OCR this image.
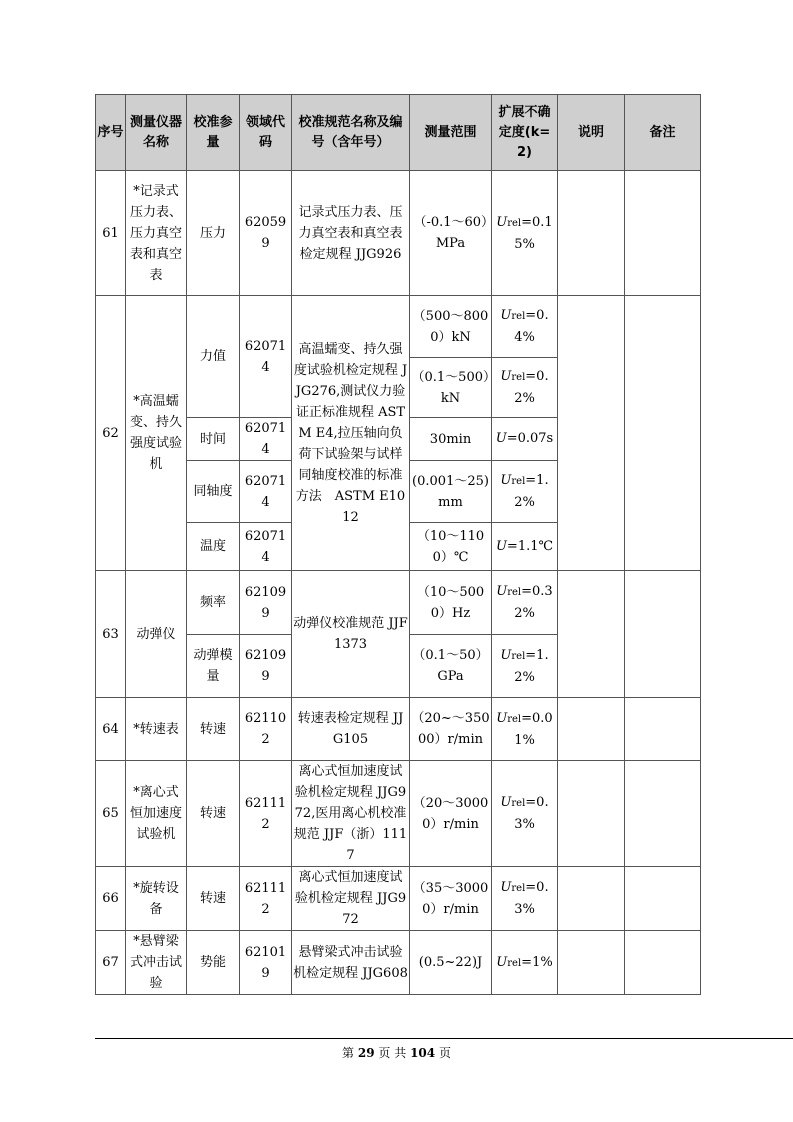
序号	测量仪器名称	校准参量	领域代码	校准规范名称及编号（含年号）	测量范围	扩展不确定度(k=2)	说明	备注
61	*记录式压力表、压力真空表和真空表	压力	620599	记录式压力表、压力真空表和真空表检定规程 JJG926	（-0.1～60）MPa	Urel=0.15%		
62	*高温蠕变、持久强度试验机	力值	620714	高温蠕变、持久强度试验机检定规程 JJG276,测试仪力验证正标准规程 ASTM E4,拉压轴向负荷下试验架与试样同轴度校准的标准方法　ASTM E1012	（500～8000）kN	Urel=0.4%		
					（0.1～500）kN	Urel=0.2%		
		时间	620714		30min	U=0.07s		
		同轴度	620714		(0.001～25)mm	Urel=1.2%		
		温度	620714		（10～1100）℃	U=1.1℃		
63	动弹仪	频率	621099	动弹仪校准规范 JJF1373	（10～5000）Hz	Urel=0.32%		
		动弹模量	621099		（0.1～50）GPa	Urel=1.2%		
64	*转速表	转速	621102	转速表检定规程 JJG105	（20~～35000）r/min	Urel=0.01%		
65	*离心式恒加速度试验机	转速	621112	离心式恒加速度试验机检定规程 JJG972,医用离心机校准规范 JJF（浙）1117	（20～30000）r/min	Urel=0.3%		
66	*旋转设备	转速	621112	离心式恒加速度试验机检定规程 JJG972	（35～30000）r/min	Urel=0.3%		
67	*悬臂梁式冲击试验	势能	621019	悬臂梁式冲击试验机检定规程 JJG608	(0.5~22)J	Urel=1%		
第 29 页 共 104 页
